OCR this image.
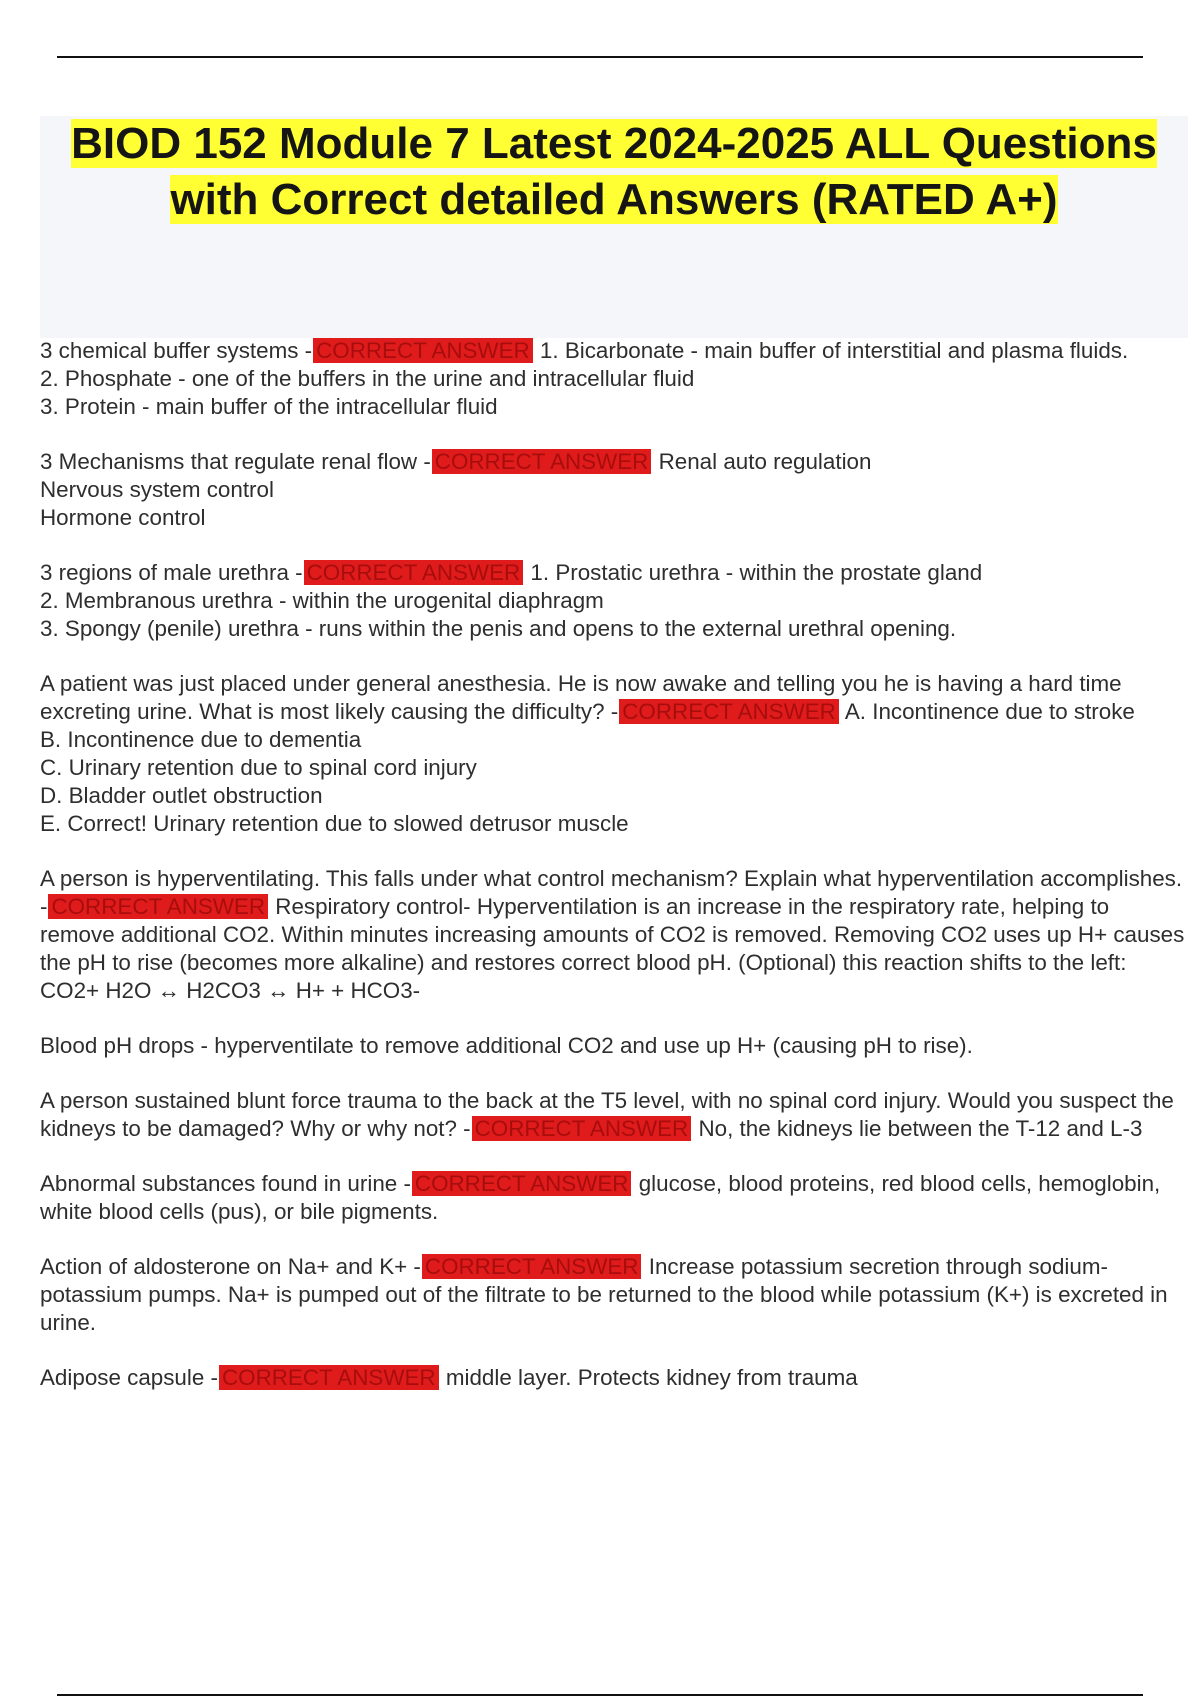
BIOD 152 Module 7 Latest 2024-2025 ALL Questions with Correct detailed Answers (RATED A+)

3 chemical buffer systems - CORRECT ANSWER 1. Bicarbonate - main buffer of interstitial and plasma fluids.
2. Phosphate - one of the buffers in the urine and intracellular fluid
3. Protein - main buffer of the intracellular fluid

3 Mechanisms that regulate renal flow - CORRECT ANSWER Renal auto regulation
Nervous system control
Hormone control

3 regions of male urethra - CORRECT ANSWER 1. Prostatic urethra - within the prostate gland
2. Membranous urethra - within the urogenital diaphragm
3. Spongy (penile) urethra - runs within the penis and opens to the external urethral opening.

A patient was just placed under general anesthesia. He is now awake and telling you he is having a hard time excreting urine. What is most likely causing the difficulty? - CORRECT ANSWER A. Incontinence due to stroke
B. Incontinence due to dementia
C. Urinary retention due to spinal cord injury
D. Bladder outlet obstruction
E. Correct! Urinary retention due to slowed detrusor muscle

A person is hyperventilating. This falls under what control mechanism? Explain what hyperventilation accomplishes. - CORRECT ANSWER Respiratory control- Hyperventilation is an increase in the respiratory rate, helping to remove additional CO2. Within minutes increasing amounts of CO2 is removed. Removing CO2 uses up H+ causes the pH to rise (becomes more alkaline) and restores correct blood pH. (Optional) this reaction shifts to the left: CO2+ H2O ↔ H2CO3 ↔ H+ + HCO3-

Blood pH drops - hyperventilate to remove additional CO2 and use up H+ (causing pH to rise).

A person sustained blunt force trauma to the back at the T5 level, with no spinal cord injury. Would you suspect the kidneys to be damaged? Why or why not? - CORRECT ANSWER No, the kidneys lie between the T-12 and L-3

Abnormal substances found in urine - CORRECT ANSWER glucose, blood proteins, red blood cells, hemoglobin, white blood cells (pus), or bile pigments.

Action of aldosterone on Na+ and K+ - CORRECT ANSWER Increase potassium secretion through sodium-potassium pumps. Na+ is pumped out of the filtrate to be returned to the blood while potassium (K+) is excreted in urine.

Adipose capsule - CORRECT ANSWER middle layer. Protects kidney from trauma
